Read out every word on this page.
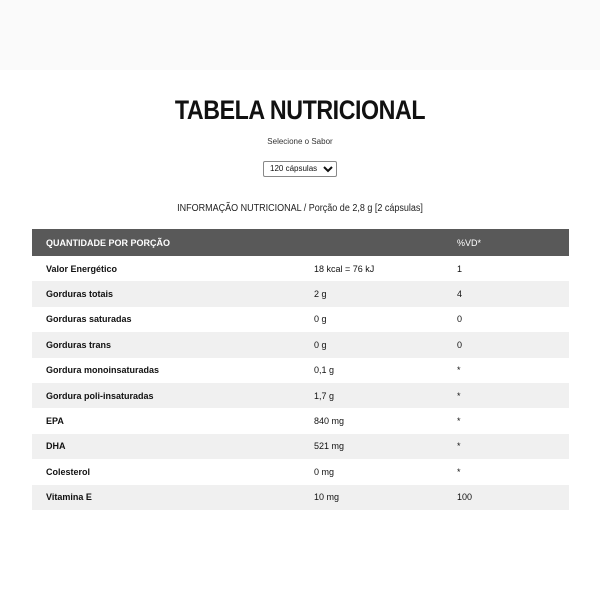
TABELA NUTRICIONAL
Selecione o Sabor
120 cápsulas
INFORMAÇÃO NUTRICIONAL / Porção de 2,8 g [2 cápsulas]
QUANTIDADE POR PORÇÃO		%VD*
Valor Energético	18 kcal = 76 kJ	1
Gorduras totais	2 g	4
Gorduras saturadas	0 g	0
Gorduras trans	0 g	0
Gordura monoinsaturadas	0,1 g	*
Gordura poli-insaturadas	1,7 g	*
EPA	840 mg	*
DHA	521 mg	*
Colesterol	0 mg	*
Vitamina E	10 mg	100
